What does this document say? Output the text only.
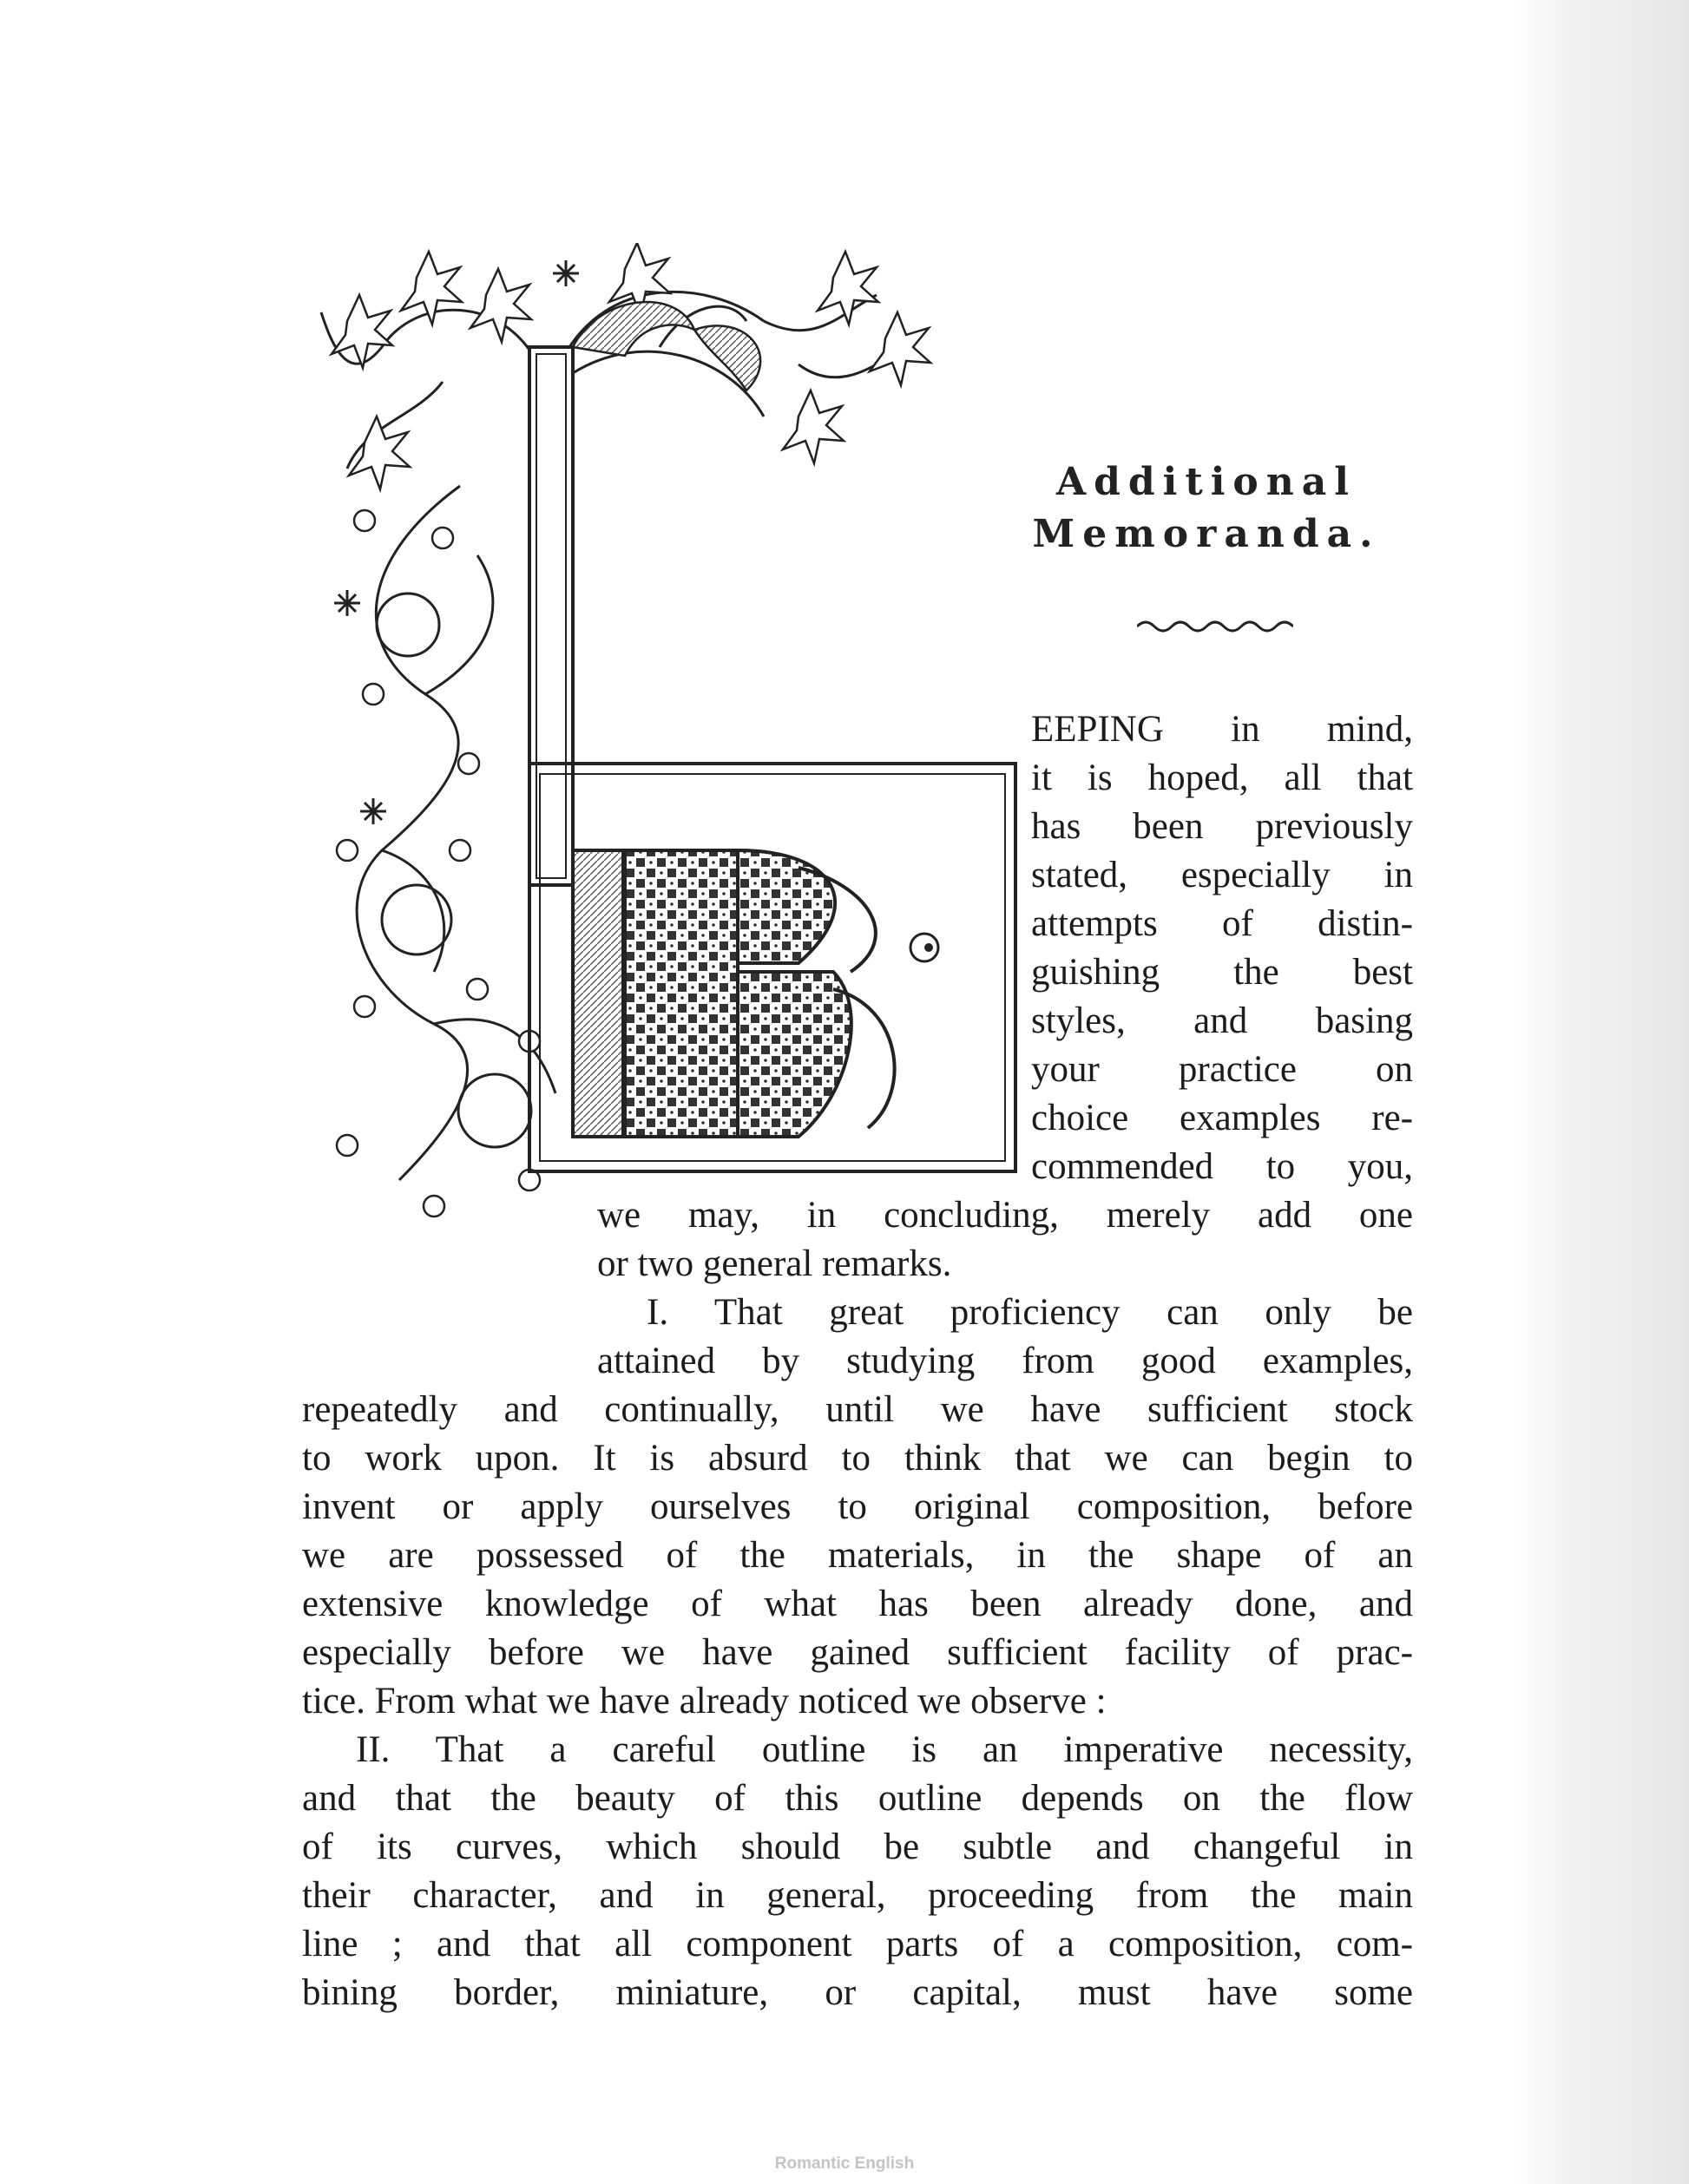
Additional
Memoranda.
EEPING in mind,
it is hoped, all that
has been previously
stated, especially in
attempts of distin-
guishing the best
styles, and basing
your practice on
choice examples re-
commended to you,
we may, in concluding, merely add one
or two general remarks.
I. That great proficiency can only be
attained by studying from good examples,
repeatedly and continually, until we have sufficient stock
to work upon. It is absurd to think that we can begin to
invent or apply ourselves to original composition, before
we are possessed of the materials, in the shape of an
extensive knowledge of what has been already done, and
especially before we have gained sufficient facility of prac-
tice. From what we have already noticed we observe :
II. That a careful outline is an imperative necessity,
and that the beauty of this outline depends on the flow
of its curves, which should be subtle and changeful in
their character, and in general, proceeding from the main
line ; and that all component parts of a composition, com-
bining border, miniature, or capital, must have some
Romantic English
